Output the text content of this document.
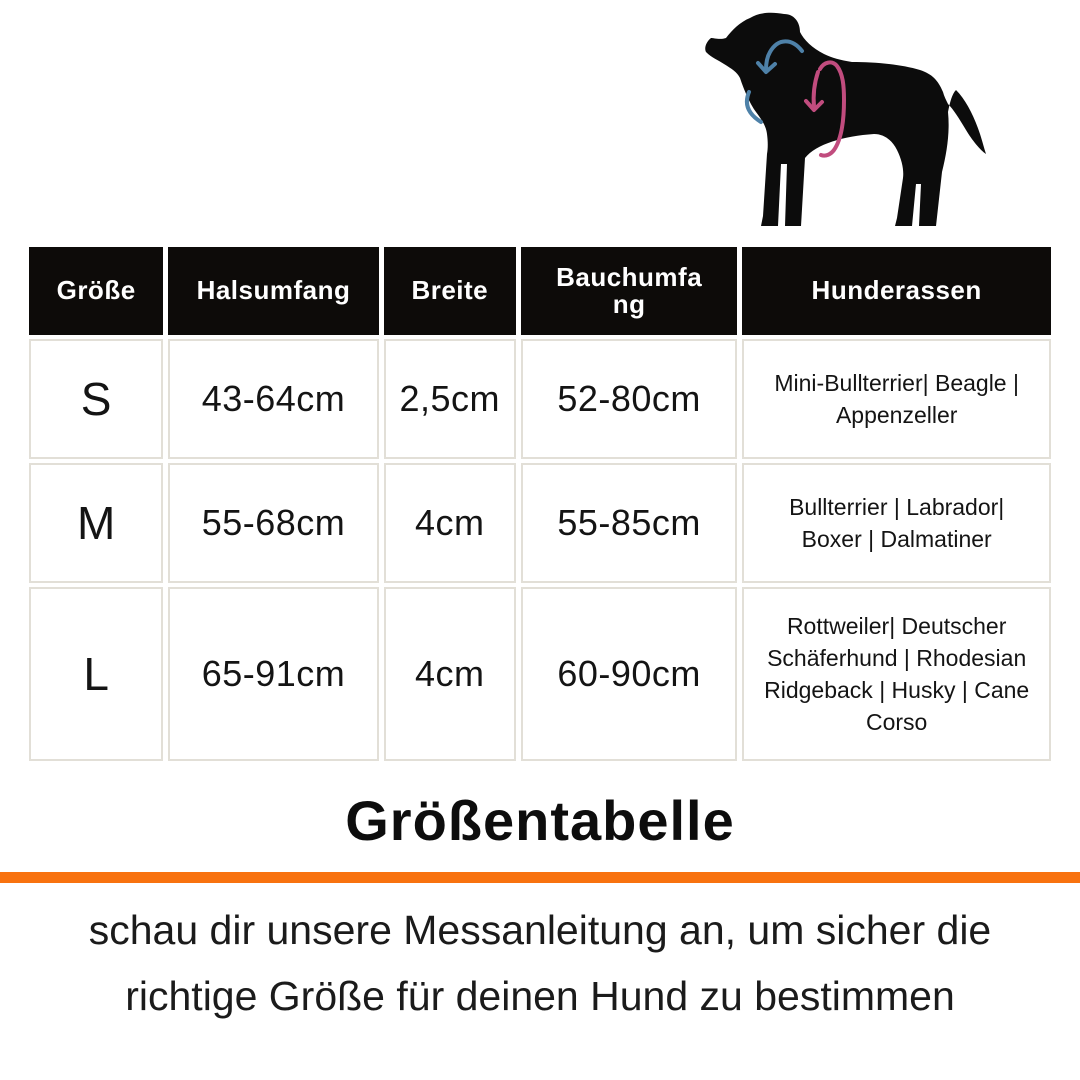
Größe	Halsumfang	Breite	Bauchumfang	Hunderassen
S	43-64cm	2,5cm	52-80cm	Mini-Bullterrier| Beagle | Appenzeller
M	55-68cm	4cm	55-85cm	Bullterrier | Labrador| Boxer | Dalmatiner
L	65-91cm	4cm	60-90cm	Rottweiler| Deutscher Schäferhund | Rhodesian Ridgeback | Husky | Cane Corso
Größentabelle

schau dir unsere Messanleitung an, um sicher die richtige Größe für deinen Hund zu bestimmen
